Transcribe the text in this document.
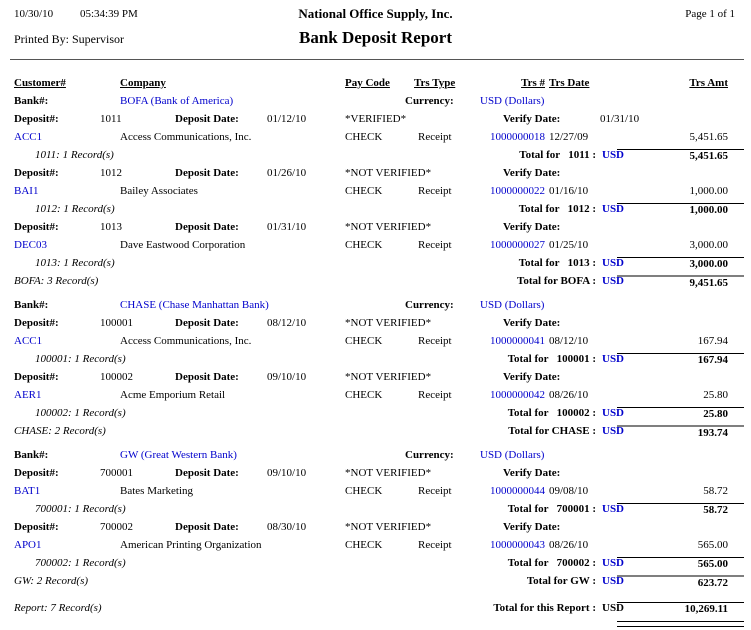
10/30/10 05:34:39 PM	National Office Supply, Inc.	Page 1 of 1
Printed By: Supervisor	Bank Deposit Report
Customer#	Company	Pay Code Trs Type	Trs # Trs Date	Trs Amt
Bank#:	BOFA (Bank of America)	Currency: USD (Dollars)
Deposit#:	1011	Deposit Date:	01/12/10	*VERIFIED*	Verify Date:	01/31/10
ACC1	Access Communications, Inc.	CHECK	Receipt	1000000018 12/27/09	5,451.65
1011: 1 Record(s)	Total for   1011 : USD	5,451.65
Deposit#:	1012	Deposit Date:	01/26/10	*NOT VERIFIED*	Verify Date:
BAI1	Bailey Associates	CHECK	Receipt	1000000022 01/16/10	1,000.00
1012: 1 Record(s)	Total for   1012 : USD	1,000.00
Deposit#:	1013	Deposit Date:	01/31/10	*NOT VERIFIED*	Verify Date:
DEC03	Dave Eastwood Corporation	CHECK	Receipt	1000000027 01/25/10	3,000.00
1013: 1 Record(s)	Total for   1013 : USD	3,000.00
BOFA: 3 Record(s)	Total for BOFA : USD	9,451.65
Bank#:	CHASE (Chase Manhattan Bank)	Currency: USD (Dollars)
Deposit#:	100001	Deposit Date:	08/12/10	*NOT VERIFIED*	Verify Date:
ACC1	Access Communications, Inc.	CHECK	Receipt	1000000041 08/12/10	167.94
100001: 1 Record(s)	Total for   100001 : USD	167.94
Deposit#:	100002	Deposit Date:	09/10/10	*NOT VERIFIED*	Verify Date:
AER1	Acme Emporium Retail	CHECK	Receipt	1000000042 08/26/10	25.80
100002: 1 Record(s)	Total for   100002 : USD	25.80
CHASE: 2 Record(s)	Total for CHASE : USD	193.74
Bank#:	GW (Great Western Bank)	Currency: USD (Dollars)
Deposit#:	700001	Deposit Date:	09/10/10	*NOT VERIFIED*	Verify Date:
BAT1	Bates Marketing	CHECK	Receipt	1000000044 09/08/10	58.72
700001: 1 Record(s)	Total for   700001 : USD	58.72
Deposit#:	700002	Deposit Date:	08/30/10	*NOT VERIFIED*	Verify Date:
APO1	American Printing Organization	CHECK	Receipt	1000000043 08/26/10	565.00
700002: 1 Record(s)	Total for   700002 : USD	565.00
GW: 2 Record(s)	Total for GW : USD	623.72
Report: 7 Record(s)	Total for this Report : USD	10,269.11
